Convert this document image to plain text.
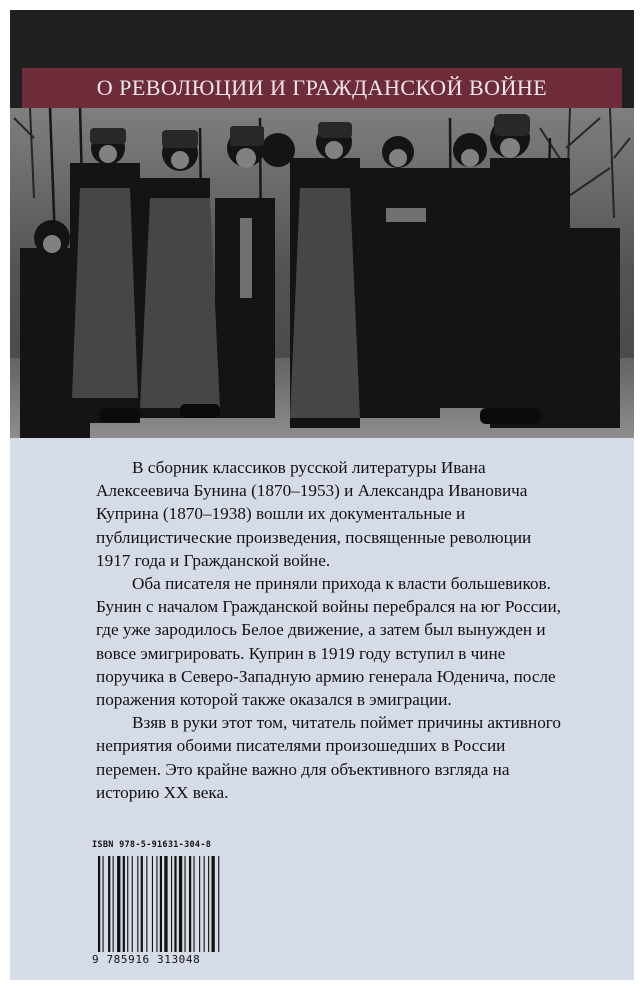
О РЕВОЛЮЦИИ И ГРАЖДАНСКОЙ ВОЙНЕ

В сборник классиков русской литературы Ивана Алексеевича Бунина (1870–1953) и Александра Ивановича Куприна (1870–1938) вошли их документальные и публицистические произведения, посвященные революции 1917 года и Гражданской войне.

Оба писателя не приняли прихода к власти большевиков. Бунин с началом Гражданской войны перебрался на юг России, где уже зародилось Белое движение, а затем был вынужден и вовсе эмигрировать. Куприн в 1919 году вступил в чине поручика в Северо-Западную армию генерала Юденича, после поражения которой также оказался в эмиграции.

Взяв в руки этот том, читатель поймет причины активного неприятия обоими писателями произошедших в России перемен. Это крайне важно для объективного взгляда на историю XX века.

ISBN 978-5-91631-304-8
9 785916 313048
